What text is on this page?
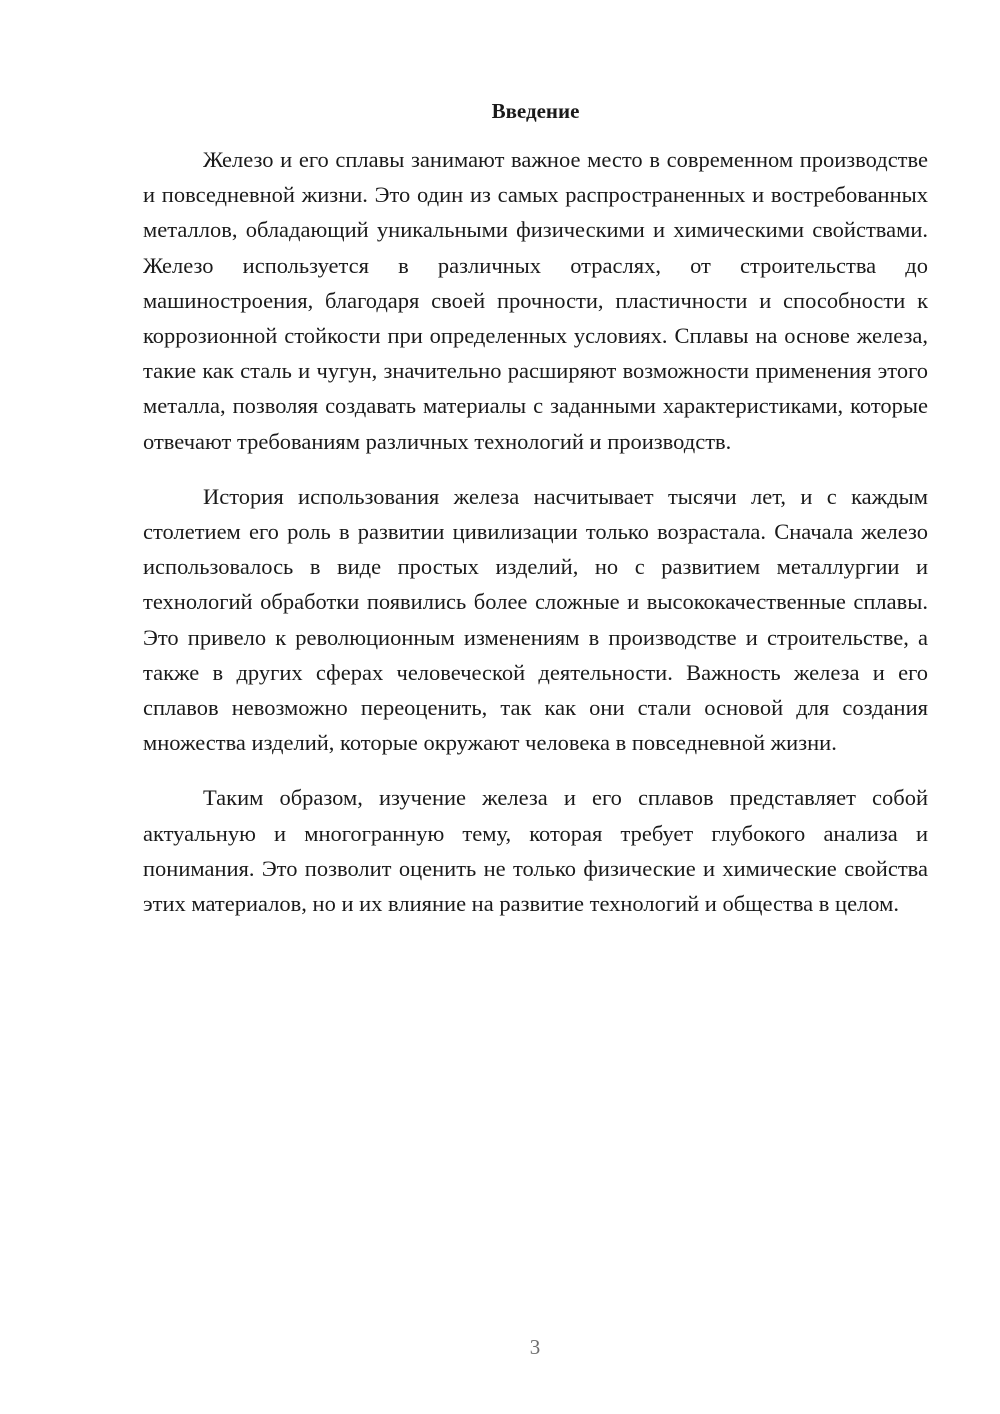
Введение

Железо и его сплавы занимают важное место в современном производстве и повседневной жизни. Это один из самых распространенных и востребованных металлов, обладающий уникальными физическими и химическими свойствами. Железо используется в различных отраслях, от строительства до машиностроения, благодаря своей прочности, пластичности и способности к коррозионной стойкости при определенных условиях. Сплавы на основе железа, такие как сталь и чугун, значительно расширяют возможности применения этого металла, позволяя создавать материалы с заданными характеристиками, которые отвечают требованиям различных технологий и производств.

История использования железа насчитывает тысячи лет, и с каждым столетием его роль в развитии цивилизации только возрастала. Сначала железо использовалось в виде простых изделий, но с развитием металлургии и технологий обработки появились более сложные и высококачественные сплавы. Это привело к революционным изменениям в производстве и строительстве, а также в других сферах человеческой деятельности. Важность железа и его сплавов невозможно переоценить, так как они стали основой для создания множества изделий, которые окружают человека в повседневной жизни.

Таким образом, изучение железа и его сплавов представляет собой актуальную и многогранную тему, которая требует глубокого анализа и понимания. Это позволит оценить не только физические и химические свойства этих материалов, но и их влияние на развитие технологий и общества в целом.

3
